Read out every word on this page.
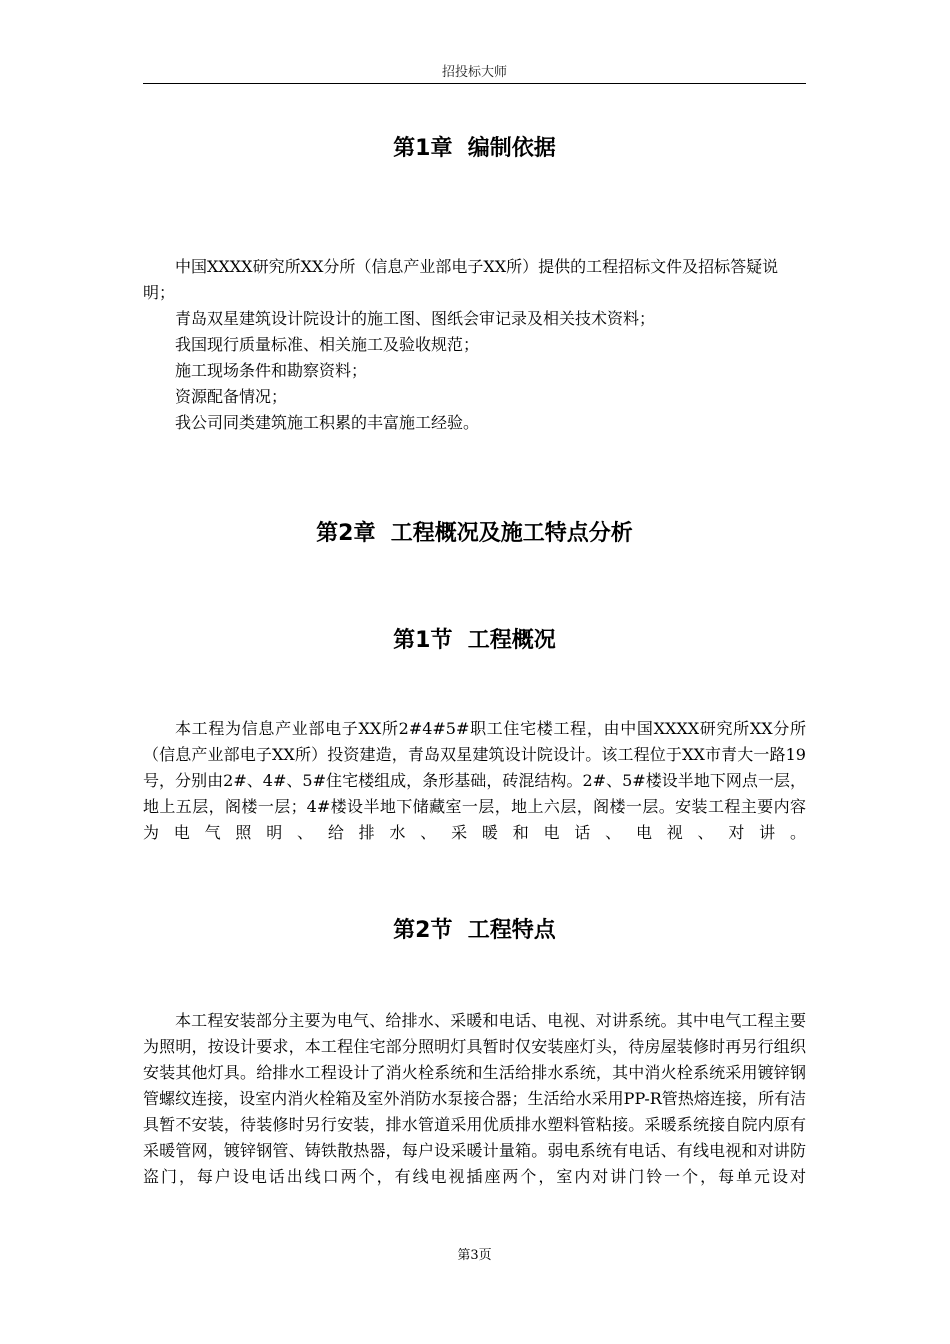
招投标大师
第1章  编制依据

中国XXXX研究所XX分所（信息产业部电子XX所）提供的工程招标文件及招标答疑说明；

青岛双星建筑设计院设计的施工图、图纸会审记录及相关技术资料；

我国现行质量标准、相关施工及验收规范；

施工现场条件和勘察资料；

资源配备情况；

我公司同类建筑施工积累的丰富施工经验。

第2章  工程概况及施工特点分析
第1节  工程概况

本工程为信息产业部电子XX所2#4#5#职工住宅楼工程，由中国XXXX研究所XX分所（信息产业部电子XX所）投资建造，青岛双星建筑设计院设计。该工程位于XX市青大一路19号，分别由2#、4#、5#住宅楼组成，条形基础，砖混结构。2#、5#楼设半地下网点一层，地上五层，阁楼一层；4#楼设半地下储藏室一层，地上六层，阁楼一层。安装工程主要内容为电气照明、给排水、采暖和电话、电视、对讲。

第2节  工程特点

本工程安装部分主要为电气、给排水、采暖和电话、电视、对讲系统。其中电气工程主要为照明，按设计要求，本工程住宅部分照明灯具暂时仅安装座灯头，待房屋装修时再另行组织安装其他灯具。给排水工程设计了消火栓系统和生活给排水系统，其中消火栓系统采用镀锌钢管螺纹连接，设室内消火栓箱及室外消防水泵接合器；生活给水采用PP-R管热熔连接，所有洁具暂不安装，待装修时另行安装，排水管道采用优质排水塑料管粘接。采暖系统接自院内原有采暖管网，镀锌钢管、铸铁散热器，每户设采暖计量箱。弱电系统有电话、有线电视和对讲防盗门，每户设电话出线口两个，有线电视插座两个，室内对讲门铃一个，每单元设对

第3页
